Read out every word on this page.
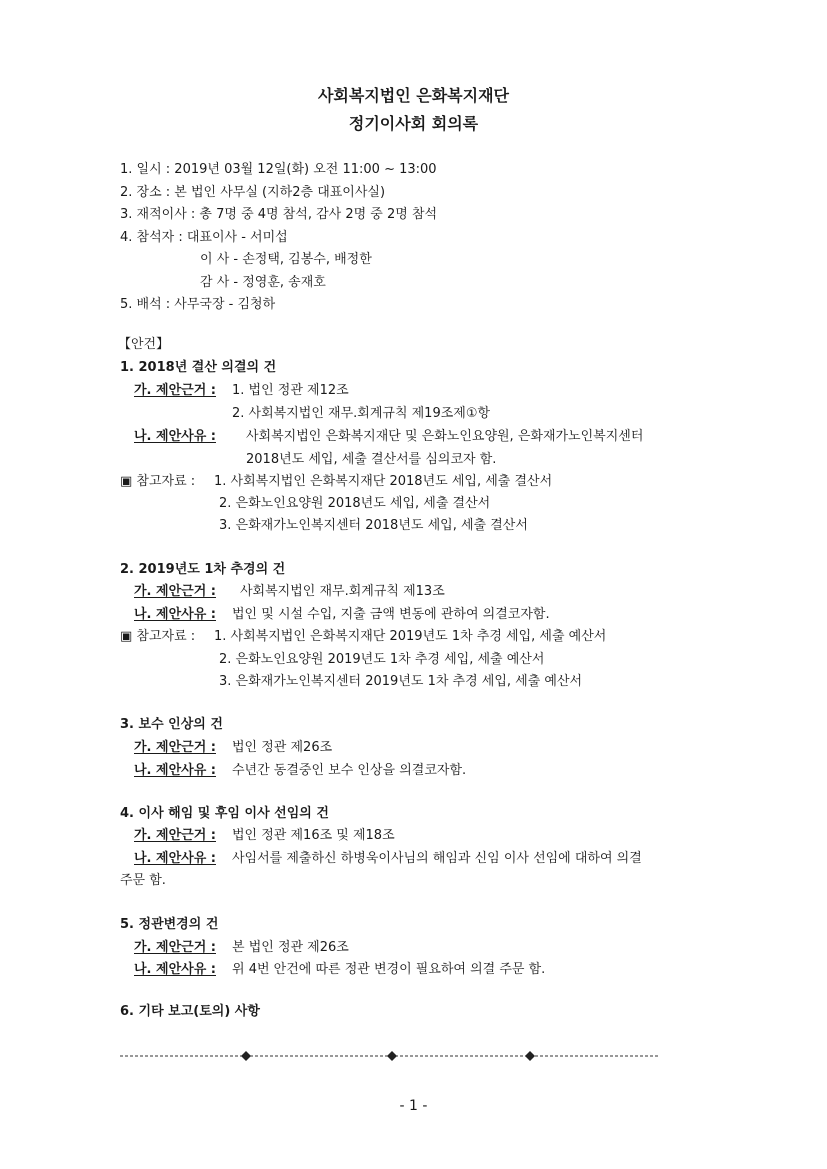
사회복지법인 은화복지재단
정기이사회 회의록
1. 일시 : 2019년 03월 12일(화) 오전 11:00 ~ 13:00
2. 장소 : 본 법인 사무실 (지하2층 대표이사실)
3. 재적이사 : 총 7명 중 4명 참석, 감사 2명 중 2명 참석
4. 참석자 : 대표이사 - 서미섭
이 사 - 손정택, 김봉수, 배정한
감 사 - 정영훈, 송재호
5. 배석 : 사무국장 - 김청하
【안건】
1. 2018년 결산 의결의 건
가. 제안근거 : 1. 법인 정관 제12조
2. 사회복지법인 재무.회계규칙 제19조제①항
나. 제안사유 : 사회복지법인 은화복지재단 및 은화노인요양원, 은화재가노인복지센터
2018년도 세입, 세출 결산서를 심의코자 함.
▣ 참고자료 : 1. 사회복지법인 은화복지재단 2018년도 세입, 세출 결산서
2. 은화노인요양원 2018년도 세입, 세출 결산서
3. 은화재가노인복지센터 2018년도 세입, 세출 결산서
2. 2019년도 1차 추경의 건
가. 제안근거 : 사회복지법인 재무.회계규칙 제13조
나. 제안사유 : 법인 및 시설 수입, 지출 금액 변동에 관하여 의결코자함.
▣ 참고자료 : 1. 사회복지법인 은화복지재단 2019년도 1차 추경 세입, 세출 예산서
2. 은화노인요양원 2019년도 1차 추경 세입, 세출 예산서
3. 은화재가노인복지센터 2019년도 1차 추경 세입, 세출 예산서
3. 보수 인상의 건
가. 제안근거 : 법인 정관 제26조
나. 제안사유 : 수년간 동결중인 보수 인상을 의결코자함.
4. 이사 해임 및 후임 이사 선임의 건
가. 제안근거 : 법인 정관 제16조 및 제18조
나. 제안사유 : 사임서를 제출하신 하병욱이사님의 해임과 신임 이사 선임에 대하여 의결
주문 함.
5. 정관변경의 건
가. 제안근거 : 본 법인 정관 제26조
나. 제안사유 : 위 4번 안건에 따른 정관 변경이 필요하여 의결 주문 함.
6. 기타 보고(토의) 사항
- 1 -
